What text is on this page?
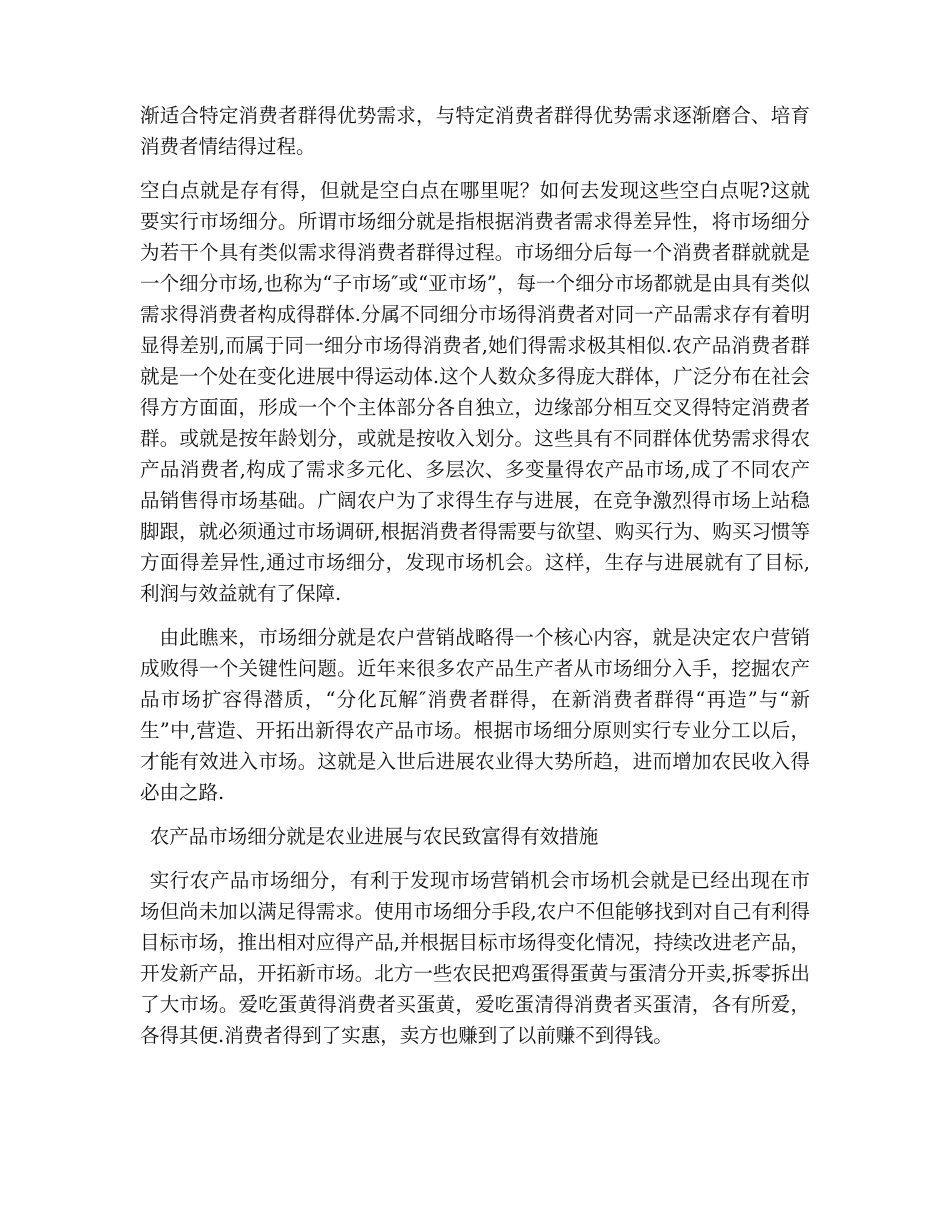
渐适合特定消费者群得优势需求，与特定消费者群得优势需求逐渐磨合、培育消费者情结得过程。

空白点就是存有得，但就是空白点在哪里呢？如何去发现这些空白点呢?这就要实行市场细分。所谓市场细分就是指根据消费者需求得差异性，将市场细分为若干个具有类似需求得消费者群得过程。市场细分后每一个消费者群就就是一个细分市场,也称为“子市场″或“亚市场”，每一个细分市场都就是由具有类似需求得消费者构成得群体.分属不同细分市场得消费者对同一产品需求存有着明显得差别,而属于同一细分市场得消费者,她们得需求极其相似.农产品消费者群就是一个处在变化进展中得运动体.这个人数众多得庞大群体，广泛分布在社会得方方面面，形成一个个主体部分各自独立，边缘部分相互交叉得特定消费者群。或就是按年龄划分，或就是按收入划分。这些具有不同群体优势需求得农产品消费者,构成了需求多元化、多层次、多变量得农产品市场,成了不同农产品销售得市场基础。广阔农户为了求得生存与进展，在竞争激烈得市场上站稳脚跟，就必须通过市场调研,根据消费者得需要与欲望、购买行为、购买习惯等方面得差异性,通过市场细分，发现市场机会。这样，生存与进展就有了目标,利润与效益就有了保障.

由此瞧来，市场细分就是农户营销战略得一个核心内容，就是决定农户营销成败得一个关键性问题。近年来很多农产品生产者从市场细分入手，挖掘农产品市场扩容得潜质，“分化瓦解″消费者群得，在新消费者群得“再造”与“新生”中,营造、开拓出新得农产品市场。根据市场细分原则实行专业分工以后，才能有效进入市场。这就是入世后进展农业得大势所趋，进而增加农民收入得必由之路.

农产品市场细分就是农业进展与农民致富得有效措施

实行农产品市场细分，有利于发现市场营销机会市场机会就是已经出现在市场但尚未加以满足得需求。使用市场细分手段,农户不但能够找到对自己有利得目标市场，推出相对应得产品,并根据目标市场得变化情况，持续改进老产品，开发新产品，开拓新市场。北方一些农民把鸡蛋得蛋黄与蛋清分开卖,拆零拆出了大市场。爱吃蛋黄得消费者买蛋黄，爱吃蛋清得消费者买蛋清，各有所爱，各得其便.消费者得到了实惠，卖方也赚到了以前赚不到得钱。
